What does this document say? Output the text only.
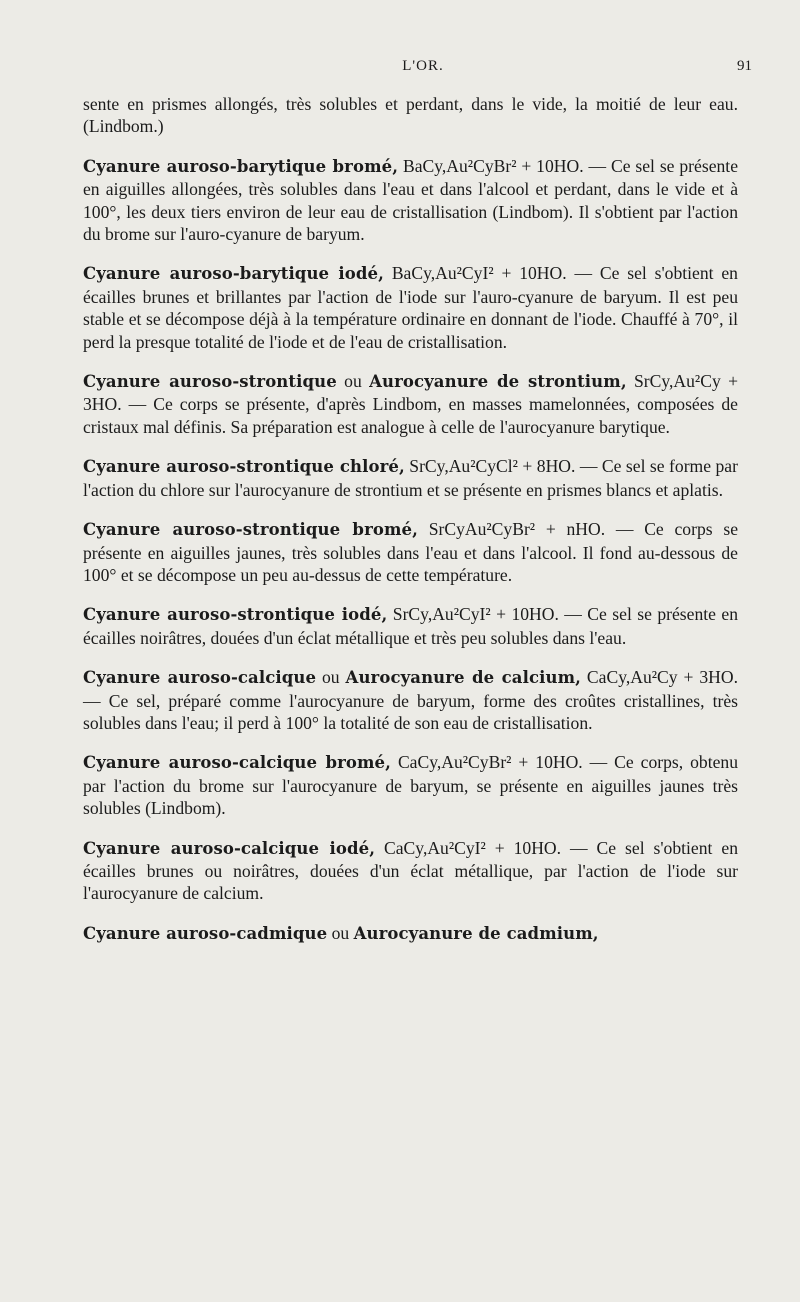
L'OR.	91

sente en prismes allongés, très solubles et perdant, dans le vide, la moitié de leur eau. (Lindbom.)

Cyanure auroso-barytique bromé, BaCy,Au²CyBr² + 10HO. — Ce sel se présente en aiguilles allongées, très solubles dans l'eau et dans l'alcool et perdant, dans le vide et à 100°, les deux tiers environ de leur eau de cristallisation (Lindbom). Il s'obtient par l'action du brome sur l'auro-cyanure de baryum.

Cyanure auroso-barytique iodé, BaCy,Au²CyI² + 10HO. — Ce sel s'obtient en écailles brunes et brillantes par l'action de l'iode sur l'auro-cyanure de baryum. Il est peu stable et se décompose déjà à la température ordinaire en donnant de l'iode. Chauffé à 70°, il perd la presque totalité de l'iode et de l'eau de cristallisation.

Cyanure auroso-strontique ou Aurocyanure de strontium, SrCy,Au²Cy + 3HO. — Ce corps se présente, d'après Lindbom, en masses mamelonnées, composées de cristaux mal définis. Sa préparation est analogue à celle de l'aurocyanure barytique.

Cyanure auroso-strontique chloré, SrCy,Au²CyCl² + 8HO. — Ce sel se forme par l'action du chlore sur l'aurocyanure de strontium et se présente en prismes blancs et aplatis.

Cyanure auroso-strontique bromé, SrCyAu²CyBr² + nHO. — Ce corps se présente en aiguilles jaunes, très solubles dans l'eau et dans l'alcool. Il fond au-dessous de 100° et se décompose un peu au-dessus de cette température.

Cyanure auroso-strontique iodé, SrCy,Au²CyI² + 10HO. — Ce sel se présente en écailles noirâtres, douées d'un éclat métallique et très peu solubles dans l'eau.

Cyanure auroso-calcique ou Aurocyanure de calcium, CaCy,Au²Cy + 3HO. — Ce sel, préparé comme l'aurocyanure de baryum, forme des croûtes cristallines, très solubles dans l'eau; il perd à 100° la totalité de son eau de cristallisation.

Cyanure auroso-calcique bromé, CaCy,Au²CyBr² + 10HO. — Ce corps, obtenu par l'action du brome sur l'aurocyanure de baryum, se présente en aiguilles jaunes très solubles (Lindbom).

Cyanure auroso-calcique iodé, CaCy,Au²CyI² + 10HO. — Ce sel s'obtient en écailles brunes ou noirâtres, douées d'un éclat métallique, par l'action de l'iode sur l'aurocyanure de calcium.

Cyanure auroso-cadmique ou Aurocyanure de cadmium,
